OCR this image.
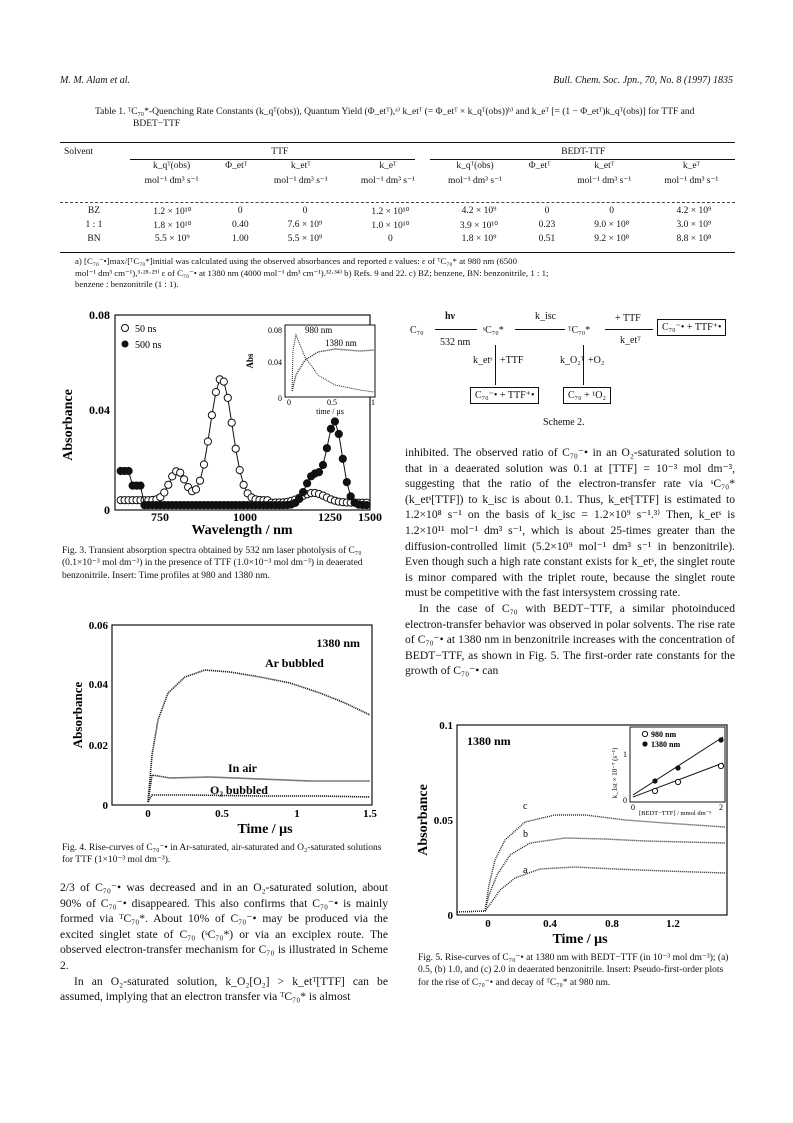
M. M. Alam et al.	Bull. Chem. Soc. Jpn., 70, No. 8 (1997) 1835
Table 1. ᵀC₇₀*-Quenching Rate Constants (k_qᵀ(obs)), Quantum Yield (Φ_etᵀ),ᵃ⁾ k_etᵀ (= Φ_etᵀ × k_qᵀ(obs))ᵇ⁾ and k_eᵀ [= (1 − Φ_etᵀ)k_qᵀ(obs)] for TTF and
BDET−TTF
Solvent	TTF				BEDT-TTF			
	k_qᵀ(obs)	Φ_etᵀ	k_etᵀ	k_eᵀ	k_qᵀ(obs)	Φ_etᵀ	k_etᵀ	k_eᵀ
	mol⁻¹ dm³ s⁻¹		mol⁻¹ dm³ s⁻¹	mol⁻¹ dm³ s⁻¹	mol⁻¹ dm³ s⁻¹		mol⁻¹ dm³ s⁻¹	mol⁻¹ dm³ s⁻¹
BZ	1.2 × 10¹⁰	0	0	1.2 × 10¹⁰	4.2 × 10⁹	0	0	4.2 × 10⁹
1 : 1	1.8 × 10¹⁰	0.40	7.6 × 10⁹	1.0 × 10¹⁰	3.9 × 10¹⁰	0.23	9.0 × 10⁸	3.0 × 10⁹
BN	5.5 × 10⁹	1.00	5.5 × 10⁹	0	1.8 × 10⁹	0.51	9.2 × 10⁸	8.8 × 10⁸
a) [C₇₀⁻•]max/[ᵀC₇₀*]initial was calculated using the observed absorbances and reported ε values: ε of ᵀC₇₀* at 980 nm (6500
mol⁻¹ dm³ cm⁻¹),³·²⁸·²⁹⁾ ε of C₇₀⁻• at 1380 nm (4000 mol⁻¹ dm³ cm⁻¹).³²·³⁴⁾ b) Refs. 9 and 22. c) BZ; benzene, BN: benzonitrile, 1 : 1;
benzene : benzonitrile (1 : 1).
Absorbance
Wavelength / nm
0
0.04
0.08
750	1000	1250 1500
50 ns
500 ns
Abs
0
0.04
0.08
0	0.5	1
time / μs
980 nm
1380 nm
Fig. 3. Transient absorption spectra obtained by 532 nm laser photolysis of C₇₀ (0.1×10⁻³ mol dm⁻³) in the presence of TTF (1.0×10⁻³ mol dm⁻³) in deaerated benzonitrile. Insert: Time profiles at 980 and 1380 nm.
Absorbance
Time / μs
0
0.02
0.04
0.06
0	0.5	1	1.5
1380 nm
Ar bubbled
In air
O₂ bubbled
Fig. 4. Rise-curves of C₇₀⁻• in Ar-saturated, air-saturated and O₂-saturated solutions for TTF (1×10⁻³ mol dm⁻³).
2/3 of C₇₀⁻• was decreased and in an O₂-saturated solution, about 90% of C₇₀⁻• disappeared. This also confirms that C₇₀⁻• is mainly formed via ᵀC₇₀*. About 10% of C₇₀⁻• may be produced via the excited singlet state of C₇₀ (ˢC₇₀*) or via an exciplex route. The observed electron-transfer mechanism for C₇₀ is illustrated in Scheme 2.
In an O₂-saturated solution, k_O₂[O₂] > k_etᵀ[TTF] can be assumed, implying that an electron transfer via ᵀC₇₀* is almost
C₇₀
hν
532 nm
ˢC₇₀*
k_isc
ᵀC₇₀*
+ TTF
k_etᵀ
C₇₀⁻• + TTF⁺•
k_etˢ +TTF
C₇₀⁻• + TTF⁺•
k_O₂ᵀ +O₂
C₇₀ + ¹O₂
Scheme 2.
inhibited. The observed ratio of C₇₀⁻• in an O₂-saturated solution to that in a deaerated solution was 0.1 at [TTF] = 10⁻³ mol dm⁻³, suggesting that the ratio of the electron-transfer rate via ˢC₇₀* (k_etˢ[TTF]) to k_isc is about 0.1. Thus, k_etˢ[TTF] is estimated to 1.2×10⁸ s⁻¹ on the basis of k_isc = 1.2×10⁹ s⁻¹.³⁾ Then, k_etˢ is 1.2×10¹¹ mol⁻¹ dm³ s⁻¹, which is about 25-times greater than the diffusion-controlled limit (5.2×10⁹ mol⁻¹ dm³ s⁻¹ in benzonitrile). Even though such a high rate constant exists for k_etˢ, the singlet route is minor compared with the triplet route, because the singlet route must be competitive with the fast intersystem crossing rate.
In the case of C₇₀ with BEDT−TTF, a similar photoinduced electron-transfer behavior was observed in polar solvents. The rise rate of C₇₀⁻• at 1380 nm in benzonitrile increases with the concentration of BEDT−TTF, as shown in Fig. 5. The first-order rate constants for the growth of C₇₀⁻• can
Absorbance
Time / μs
0
0.05
0.1
0	0.4	0.8	1.2
1380 nm
a
b
c
980 nm
1380 nm
k_1st × 10⁻⁷ (s⁻¹)
0
1
0	2
[BEDT−TTF] / mmol dm⁻³
Fig. 5. Rise-curves of C₇₀⁻• at 1380 nm with BEDT−TTF (in 10⁻³ mol dm⁻³); (a) 0.5, (b) 1.0, and (c) 2.0 in deaerated benzonitrile. Insert: Pseudo-first-order plots for the rise of C₇₀⁻• and decay of ᵀC₇₀* at 980 nm.
